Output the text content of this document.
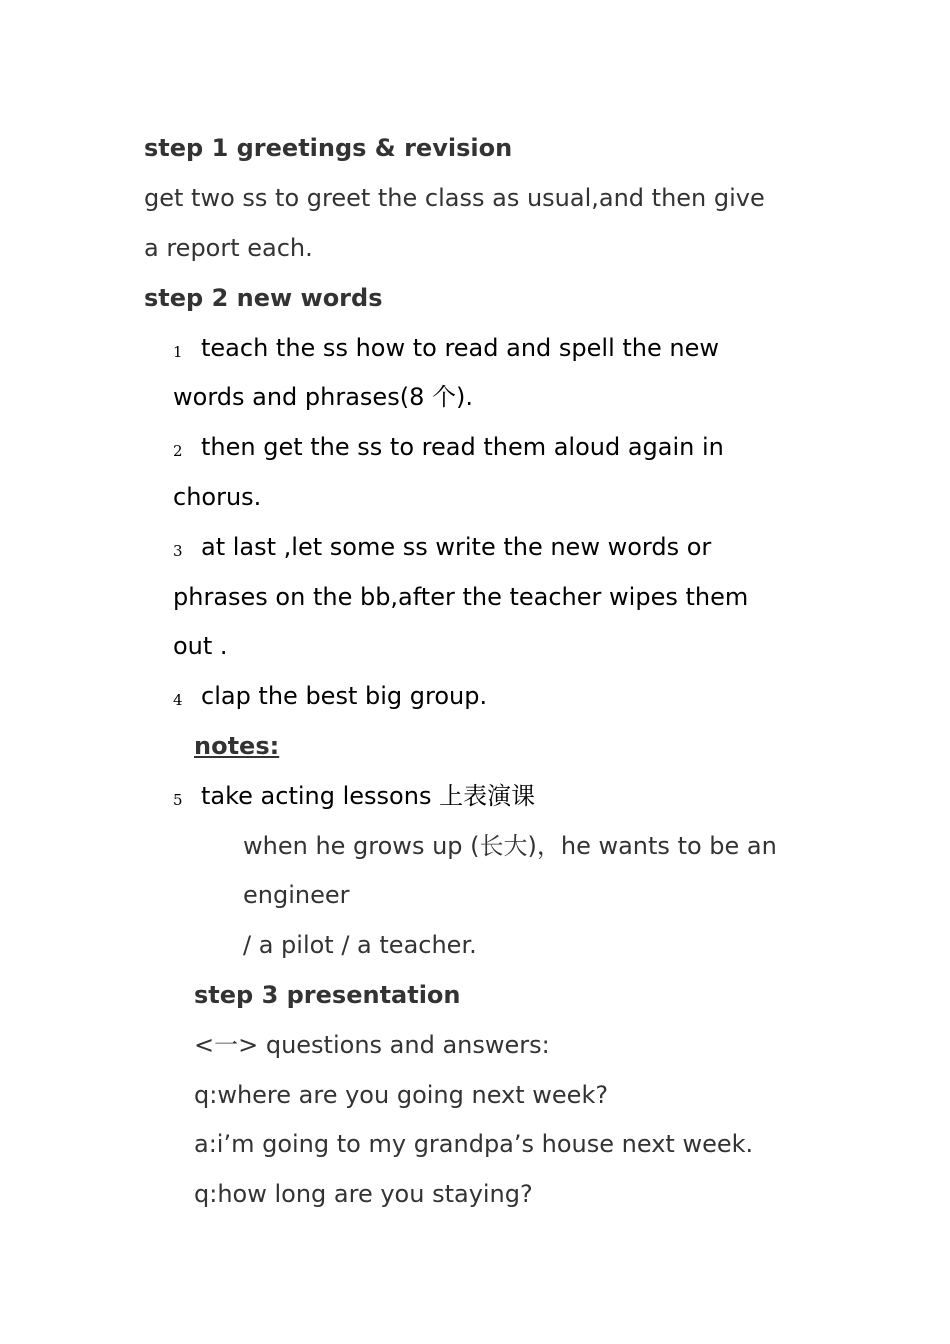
step 1 greetings & revision
get two ss to greet the class as usual,and then give
a report each.
step 2 new words
1 teach the ss how to read and spell the new
words and phrases(8 个).
2 then get the ss to read them aloud again in
chorus.
3 at last ,let some ss write the new words or
phrases on the bb,after the teacher wipes them
out .
4 clap the best big group.
notes:
5 take acting lessons 上表演课
when he grows up (长大)，he wants to be an
engineer
/ a pilot / a teacher.
step 3 presentation
<一> questions and answers:
q:where are you going next week?
a:i’m going to my grandpa’s house next week.
q:how long are you staying?
